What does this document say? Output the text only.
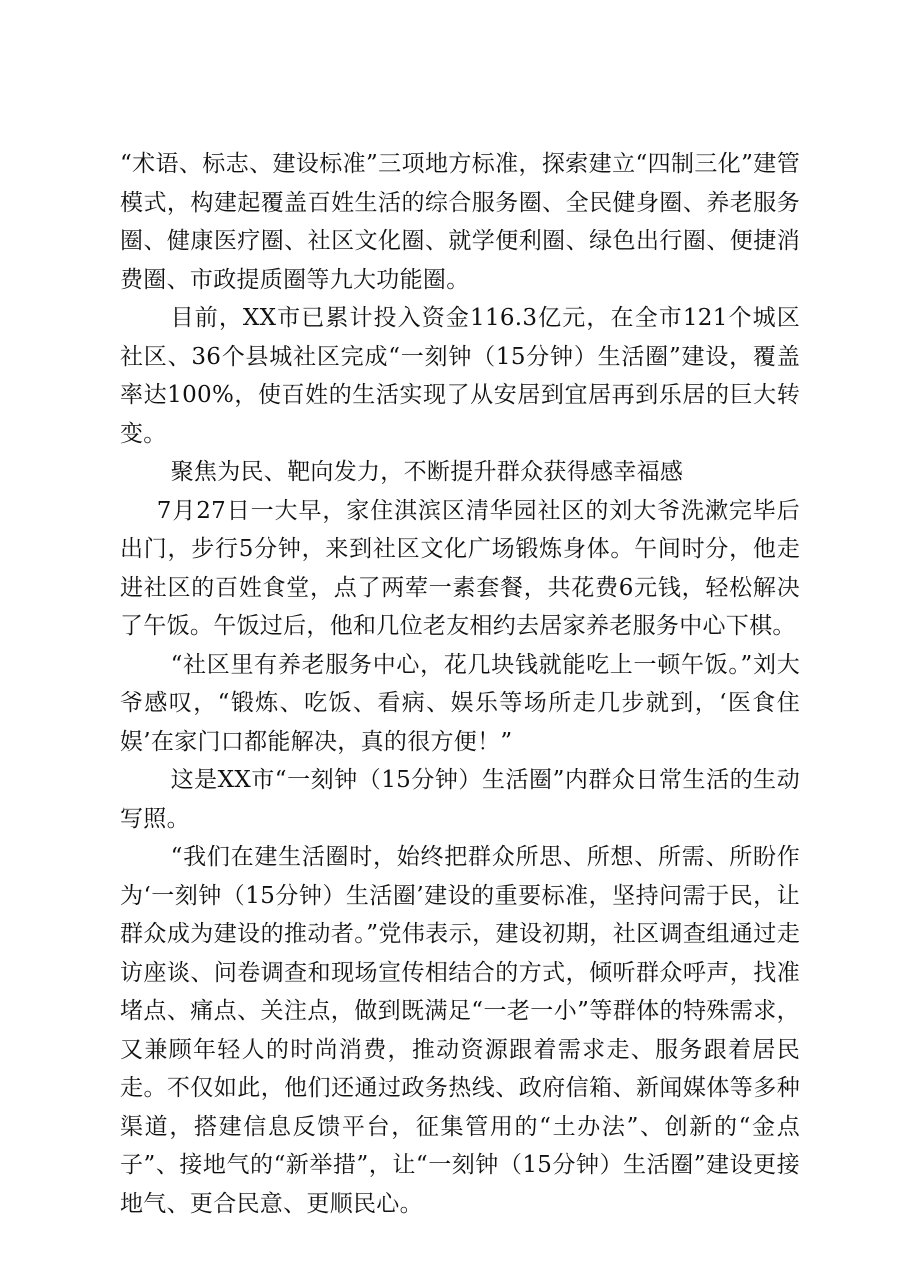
“术语、标志、建设标准”三项地方标准，探索建立“四制三化”建管模式，构建起覆盖百姓生活的综合服务圈、全民健身圈、养老服务圈、健康医疗圈、社区文化圈、就学便利圈、绿色出行圈、便捷消费圈、市政提质圈等九大功能圈。

目前，XX市已累计投入资金116.3亿元，在全市121个城区社区、36个县城社区完成“一刻钟（15分钟）生活圈”建设，覆盖率达100%，使百姓的生活实现了从安居到宜居再到乐居的巨大转变。

聚焦为民、靶向发力，不断提升群众获得感幸福感

7月27日一大早，家住淇滨区清华园社区的刘大爷洗漱完毕后出门，步行5分钟，来到社区文化广场锻炼身体。午间时分，他走进社区的百姓食堂，点了两荤一素套餐，共花费6元钱，轻松解决了午饭。午饭过后，他和几位老友相约去居家养老服务中心下棋。

“社区里有养老服务中心，花几块钱就能吃上一顿午饭。”刘大爷感叹，“锻炼、吃饭、看病、娱乐等场所走几步就到，‘医食住娱’在家门口都能解决，真的很方便！”

这是XX市“一刻钟（15分钟）生活圈”内群众日常生活的生动写照。

“我们在建生活圈时，始终把群众所思、所想、所需、所盼作为‘一刻钟（15分钟）生活圈’建设的重要标准，坚持问需于民，让群众成为建设的推动者。”党伟表示，建设初期，社区调查组通过走访座谈、问卷调查和现场宣传相结合的方式，倾听群众呼声，找准堵点、痛点、关注点，做到既满足“一老一小”等群体的特殊需求，又兼顾年轻人的时尚消费，推动资源跟着需求走、服务跟着居民走。不仅如此，他们还通过政务热线、政府信箱、新闻媒体等多种渠道，搭建信息反馈平台，征集管用的“土办法”、创新的“金点子”、接地气的“新举措”，让“一刻钟（15分钟）生活圈”建设更接地气、更合民意、更顺民心。
